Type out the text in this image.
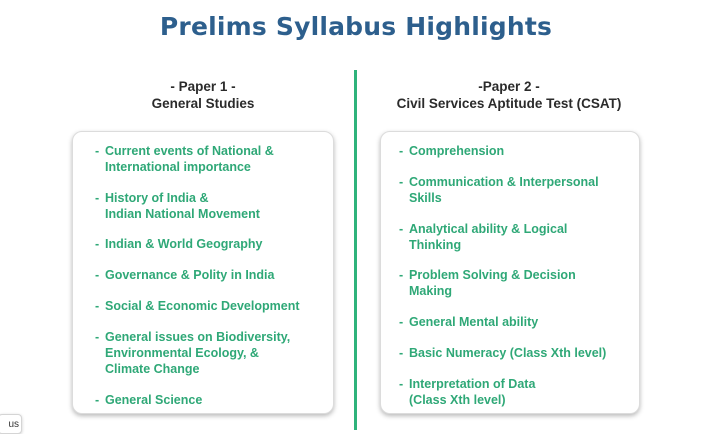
Prelims Syllabus Highlights
- Paper 1 -
General Studies
-Paper 2 -
Civil Services Aptitude Test (CSAT)
-Current events of National &
International importance
-History of India &
Indian National Movement
-Indian & World Geography
-Governance & Polity in India
-Social & Economic Development
-General issues on Biodiversity,
Environmental Ecology, &
Climate Change
-General Science
-Comprehension
-Communication & Interpersonal
Skills
-Analytical ability & Logical
Thinking
-Problem Solving & Decision
Making
-General Mental ability
-Basic Numeracy (Class Xth level)
-Interpretation of Data
(Class Xth level)
us
